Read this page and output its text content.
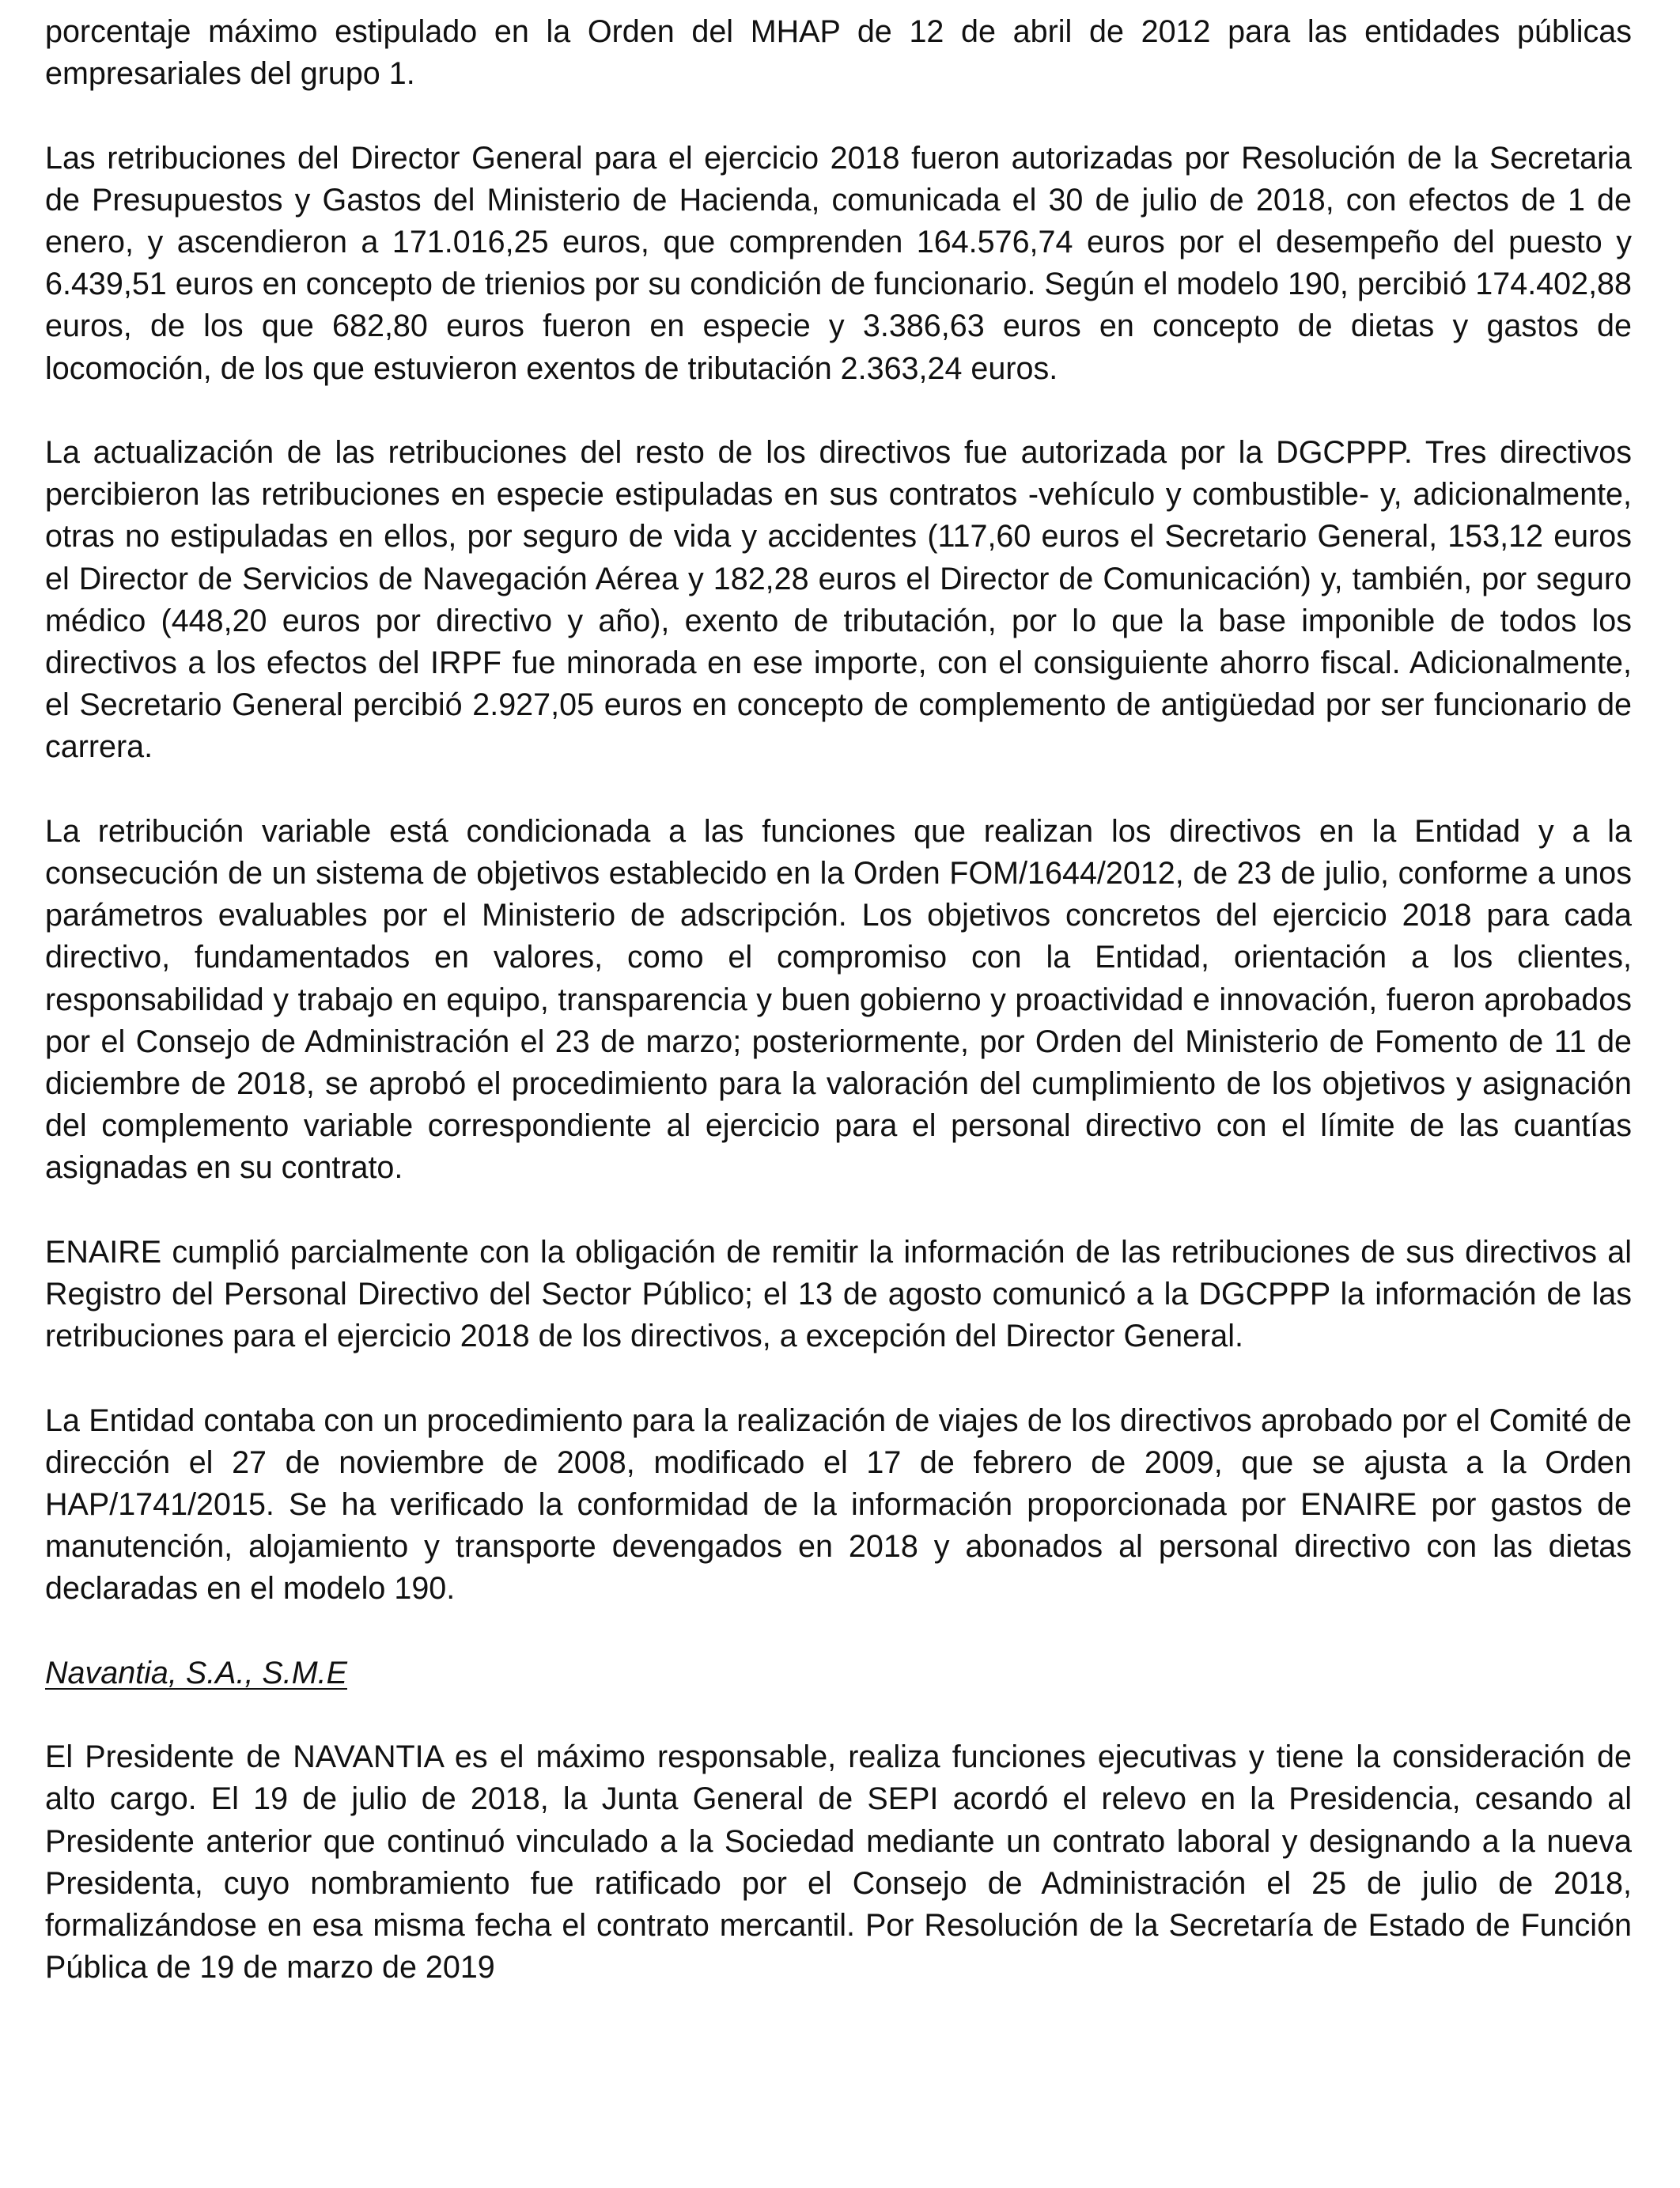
porcentaje máximo estipulado en la Orden del MHAP de 12 de abril de 2012 para las entidades públicas empresariales del grupo 1.

Las retribuciones del Director General para el ejercicio 2018 fueron autorizadas por Resolución de la Secretaria de Presupuestos y Gastos del Ministerio de Hacienda, comunicada el 30 de julio de 2018, con efectos de 1 de enero, y ascendieron a 171.016,25 euros, que comprenden 164.576,74 euros por el desempeño del puesto y 6.439,51 euros en concepto de trienios por su condición de funcionario. Según el modelo 190, percibió 174.402,88 euros, de los que 682,80 euros fueron en especie y 3.386,63 euros en concepto de dietas y gastos de locomoción, de los que estuvieron exentos de tributación 2.363,24 euros.

La actualización de las retribuciones del resto de los directivos fue autorizada por la DGCPPP. Tres directivos percibieron las retribuciones en especie estipuladas en sus contratos -vehículo y combustible- y, adicionalmente, otras no estipuladas en ellos, por seguro de vida y accidentes (117,60 euros el Secretario General, 153,12 euros el Director de Servicios de Navegación Aérea y 182,28 euros el Director de Comunicación) y, también, por seguro médico (448,20 euros por directivo y año), exento de tributación, por lo que la base imponible de todos los directivos a los efectos del IRPF fue minorada en ese importe, con el consiguiente ahorro fiscal. Adicionalmente, el Secretario General percibió 2.927,05 euros en concepto de complemento de antigüedad por ser funcionario de carrera.

La retribución variable está condicionada a las funciones que realizan los directivos en la Entidad y a la consecución de un sistema de objetivos establecido en la Orden FOM/1644/2012, de 23 de julio, conforme a unos parámetros evaluables por el Ministerio de adscripción. Los objetivos concretos del ejercicio 2018 para cada directivo, fundamentados en valores, como el compromiso con la Entidad, orientación a los clientes, responsabilidad y trabajo en equipo, transparencia y buen gobierno y proactividad e innovación, fueron aprobados por el Consejo de Administración el 23 de marzo; posteriormente, por Orden del Ministerio de Fomento de 11 de diciembre de 2018, se aprobó el procedimiento para la valoración del cumplimiento de los objetivos y asignación del complemento variable correspondiente al ejercicio para el personal directivo con el límite de las cuantías asignadas en su contrato.

ENAIRE cumplió parcialmente con la obligación de remitir la información de las retribuciones de sus directivos al Registro del Personal Directivo del Sector Público; el 13 de agosto comunicó a la DGCPPP la información de las retribuciones para el ejercicio 2018 de los directivos, a excepción del Director General.

La Entidad contaba con un procedimiento para la realización de viajes de los directivos aprobado por el Comité de dirección el 27 de noviembre de 2008, modificado el 17 de febrero de 2009, que se ajusta a la Orden HAP/1741/2015. Se ha verificado la conformidad de la información proporcionada por ENAIRE por gastos de manutención, alojamiento y transporte devengados en 2018 y abonados al personal directivo con las dietas declaradas en el modelo 190.

Navantia, S.A., S.M.E

El Presidente de NAVANTIA es el máximo responsable, realiza funciones ejecutivas y tiene la consideración de alto cargo. El 19 de julio de 2018, la Junta General de SEPI acordó el relevo en la Presidencia, cesando al Presidente anterior que continuó vinculado a la Sociedad mediante un contrato laboral y designando a la nueva Presidenta, cuyo nombramiento fue ratificado por el Consejo de Administración el 25 de julio de 2018, formalizándose en esa misma fecha el contrato mercantil. Por Resolución de la Secretaría de Estado de Función Pública de 19 de marzo de 2019
